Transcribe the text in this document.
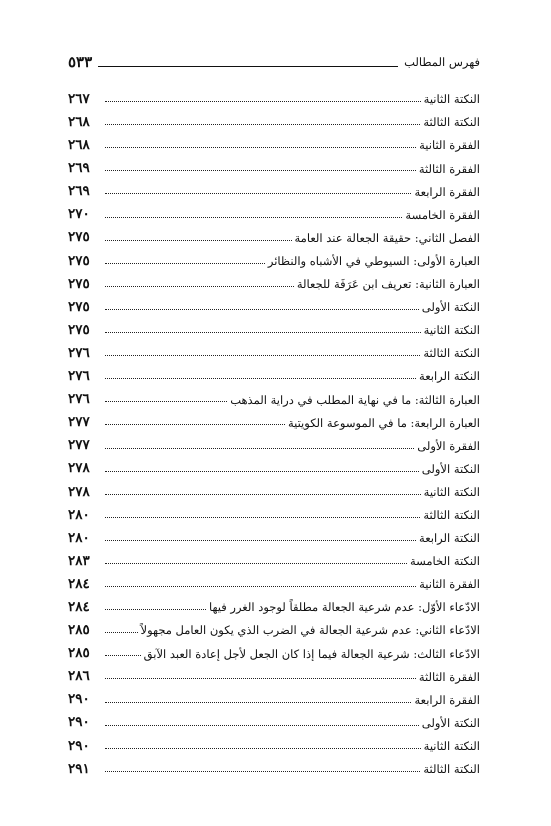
فهرس المطالب
٥٣٣
النكتة الثانية
٢٦٧
النكتة الثالثة
٢٦٨
الفقرة الثانية
٢٦٨
الفقرة الثالثة
٢٦٩
الفقرة الرابعة
٢٦٩
الفقرة الخامسة
٢٧٠
الفصل الثاني: حقيقة الجعالة عند العامة
٢٧٥
العبارة الأولى: السيوطي في الأشباه والنظائر
٢٧٥
العبارة الثانية: تعريف ابن عَرَفَة للجعالة
٢٧٥
النكتة الأولى
٢٧٥
النكتة الثانية
٢٧٥
النكتة الثالثة
٢٧٦
النكتة الرابعة
٢٧٦
العبارة الثالثة: ما في نهاية المطلب في دراية المذهب
٢٧٦
العبارة الرابعة: ما في الموسوعة الكويتية
٢٧٧
الفقرة الأولى
٢٧٧
النكتة الأولى
٢٧٨
النكتة الثانية
٢٧٨
النكتة الثالثة
٢٨٠
النكتة الرابعة
٢٨٠
النكتة الخامسة
٢٨٣
الفقرة الثانية
٢٨٤
الادّعاء الأوّل: عدم شرعية الجعالة مطلقاً لوجود الغرر فيها
٢٨٤
الادّعاء الثاني: عدم شرعية الجعالة في الضرب الذي يكون العامل مجهولاً
٢٨٥
الادّعاء الثالث: شرعية الجعالة فيما إذا كان الجعل لأجل إعادة العبد الآبق
٢٨٥
الفقرة الثالثة
٢٨٦
الفقرة الرابعة
٢٩٠
النكتة الأولى
٢٩٠
النكتة الثانية
٢٩٠
النكتة الثالثة
٢٩١
